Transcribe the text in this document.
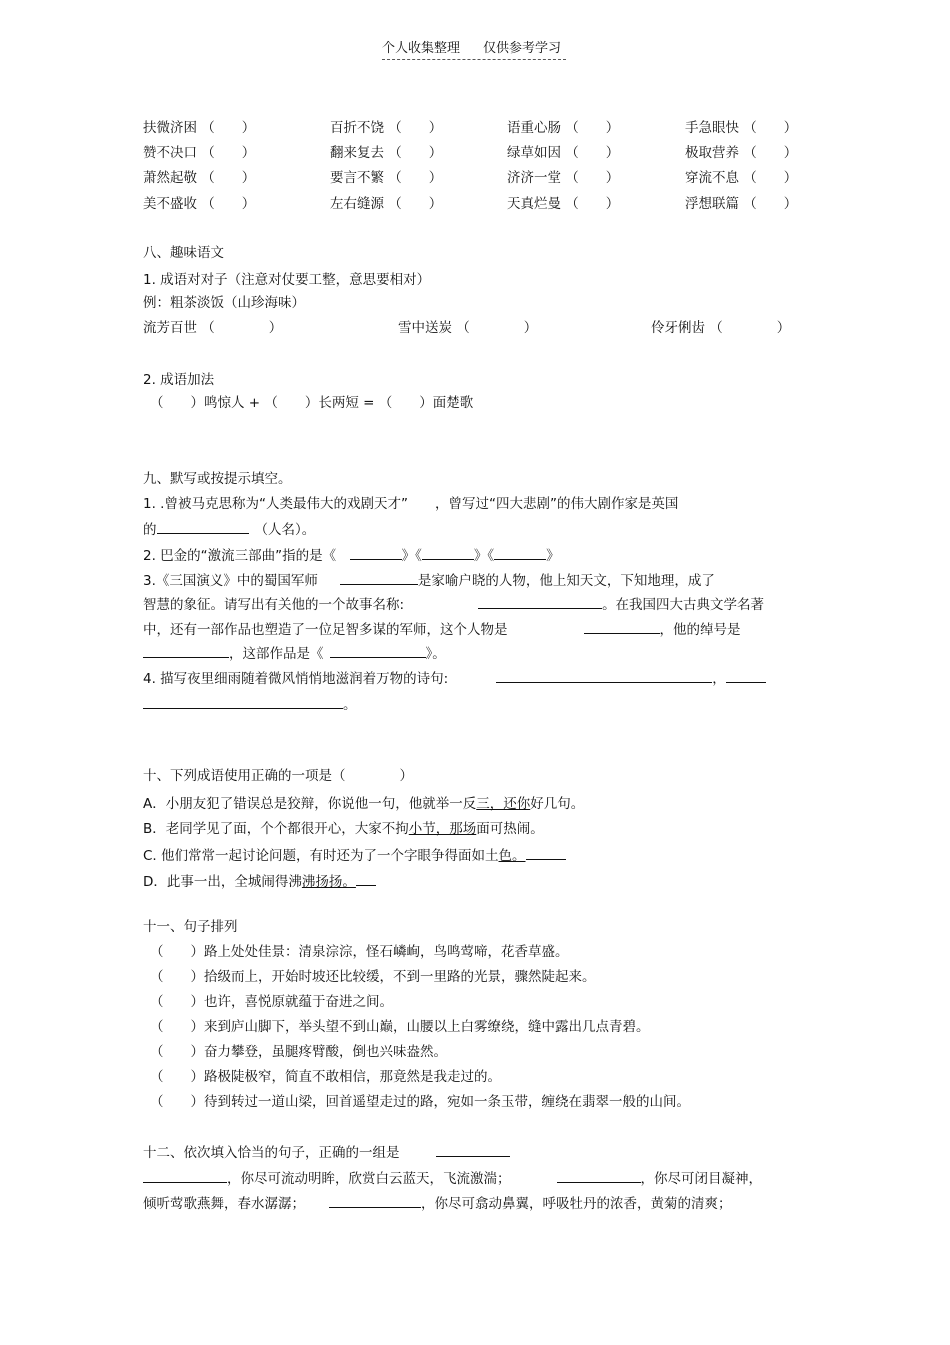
个人收集整理 仅供参考学习
扶微济困 （　　）	百折不饶 （　　）	语重心肠 （　　）	手急眼快 （　　）
赞不决口 （　　）	翻来复去 （　　）	绿草如因 （　　）	极取营养 （　　）
萧然起敬 （　　）	要言不繁 （　　）	济济一堂 （　　）	穿流不息 （　　）
美不盛收 （　　）	左右缝源 （　　）	天真烂曼 （　　）	浮想联篇 （　　）
八、趣味语文
1. 成语对对子（注意对仗要工整，意思要相对）
例：粗茶淡饭（山珍海味）
流芳百世 （　　　　）	雪中送炭 （　　　　）	伶牙俐齿 （　　　　）
2. 成语加法
（　　）鸣惊人 + （　　）长两短 = （　　）面楚歌
九、默写或按提示填空。
1. .曾被马克思称为“人类最伟大的戏剧天才”　　，曾写过“四大悲剧”的伟大剧作家是英国
的	（人名）。
2. 巴金的“激流三部曲”指的是《　	》《	》《	》
3.《三国演义》中的蜀国军师	是家喻户晓的人物，他上知天文，下知地理，成了
智慧的象征。请写出有关他的一个故事名称:	。在我国四大古典文学名著
中，还有一部作品也塑造了一位足智多谋的军师，这个人物是	，他的绰号是
，这部作品是《	》。
4. 描写夜里细雨随着微风悄悄地滋润着万物的诗句:	，
。
十、下列成语使用正确的一项是（　　　　）
A．小朋友犯了错误总是狡辩，你说他一句，他就举一反三，还你好几句。
B．老同学见了面，个个都很开心，大家不拘小节，那场面可热闹。
C. 他们常常一起讨论问题，有时还为了一个字眼争得面如土色。
D．此事一出，全城闹得沸沸扬扬。
十一、句子排列
（　　）路上处处佳景：清泉淙淙，怪石嶙峋，鸟鸣莺啼，花香草盛。
（　　）拾级而上，开始时坡还比较缓，不到一里路的光景，骤然陡起来。
（　　）也许，喜悦原就蕴于奋进之间。
（　　）来到庐山脚下，举头望不到山巅，山腰以上白雾缭绕，缝中露出几点青碧。
（　　）奋力攀登，虽腿疼臂酸，倒也兴味盎然。
（　　）路极陡极窄，简直不敢相信，那竟然是我走过的。
（　　）待到转过一道山梁，回首遥望走过的路，宛如一条玉带，缠绕在翡翠一般的山间。
十二、依次填入恰当的句子，正确的一组是
，你尽可流动明眸，欣赏白云蓝天，飞流激湍；	，你尽可闭目凝神，
倾听莺歌燕舞，春水潺潺；	，你尽可翕动鼻翼，呼吸牡丹的浓香，黄菊的清爽；
